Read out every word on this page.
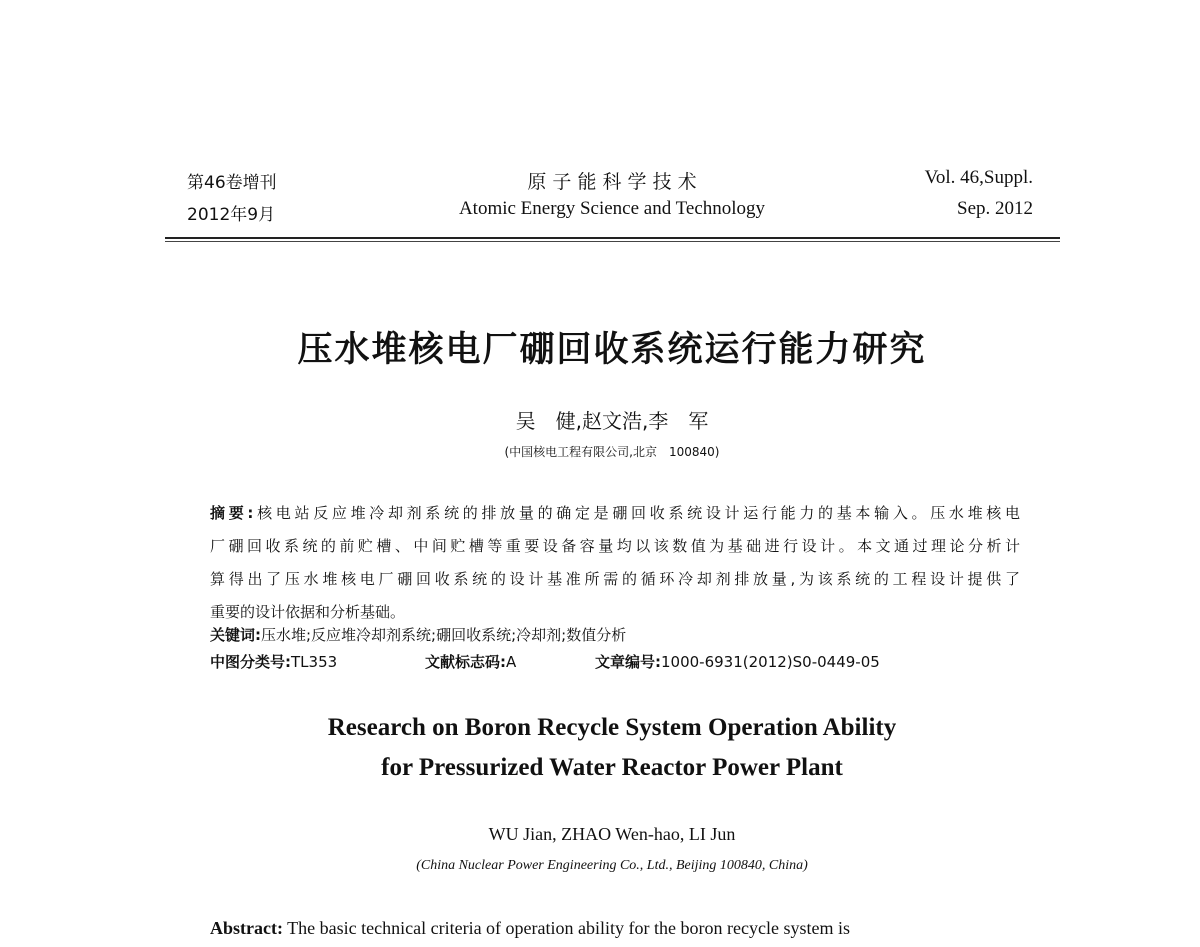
第46卷增刊
2012年9月
原 子 能 科 学 技 术
Atomic Energy Science and Technology
Vol. 46,Suppl.
Sep. 2012
压水堆核电厂硼回收系统运行能力研究
吴　健,赵文浩,李　军
(中国核电工程有限公司,北京　100840)
摘要:核电站反应堆冷却剂系统的排放量的确定是硼回收系统设计运行能力的基本输入。压水堆核电
厂硼回收系统的前贮槽、中间贮槽等重要设备容量均以该数值为基础进行设计。本文通过理论分析计
算得出了压水堆核电厂硼回收系统的设计基准所需的循环冷却剂排放量,为该系统的工程设计提供了
重要的设计依据和分析基础。
关键词:压水堆;反应堆冷却剂系统;硼回收系统;冷却剂;数值分析
中图分类号:TL353	文献标志码:A	文章编号:1000-6931(2012)S0-0449-05
Research on Boron Recycle System Operation Ability
for Pressurized Water Reactor Power Plant
WU Jian, ZHAO Wen-hao, LI Jun
(China Nuclear Power Engineering Co., Ltd., Beijing 100840, China)
Abstract: The basic technical criteria of operation ability for the boron recycle system is
